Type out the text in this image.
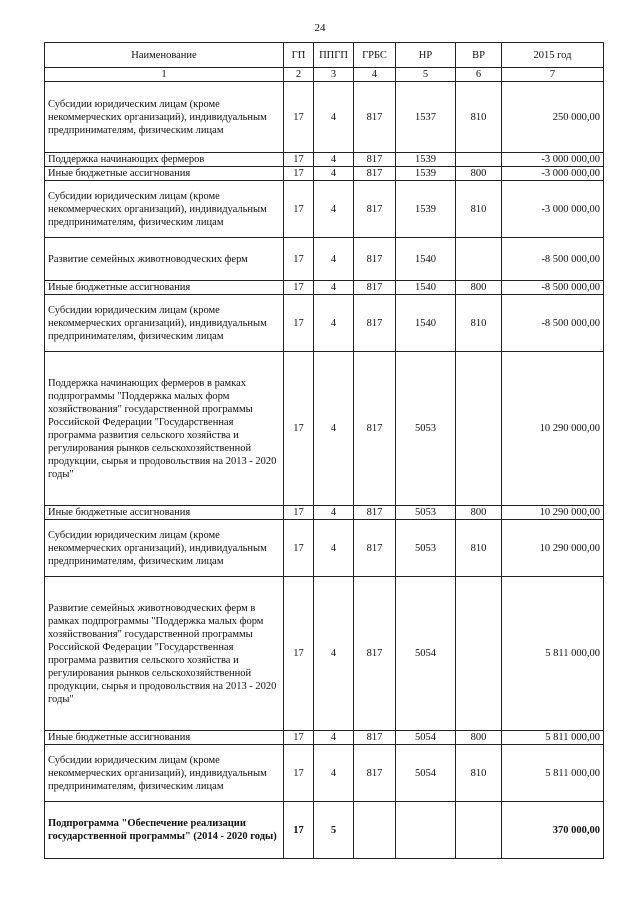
24
Наименование	ГП	ППГП	ГРБС	НР	ВР	2015 год
1	2	3	4	5	6	7
Субсидии юридическим лицам (кроме некоммерческих организаций), индивидуальным предпринимателям, физическим лицам	17	4	817	1537	810	250 000,00
Поддержка начинающих фермеров	17	4	817	1539		-3 000 000,00
Иные бюджетные ассигнования	17	4	817	1539	800	-3 000 000,00
Субсидии юридическим лицам (кроме некоммерческих организаций), индивидуальным предпринимателям, физическим лицам	17	4	817	1539	810	-3 000 000,00
Развитие семейных животноводческих ферм	17	4	817	1540		-8 500 000,00
Иные бюджетные ассигнования	17	4	817	1540	800	-8 500 000,00
Субсидии юридическим лицам (кроме некоммерческих организаций), индивидуальным предпринимателям, физическим лицам	17	4	817	1540	810	-8 500 000,00
Поддержка начинающих фермеров в рамках подпрограммы "Поддержка малых форм хозяйствования" государственной программы Российской Федерации "Государственная программа развития сельского хозяйства и регулирования рынков сельскохозяйственной продукции, сырья и продовольствия на 2013 - 2020 годы"	17	4	817	5053		10 290 000,00
Иные бюджетные ассигнования	17	4	817	5053	800	10 290 000,00
Субсидии юридическим лицам (кроме некоммерческих организаций), индивидуальным предпринимателям, физическим лицам	17	4	817	5053	810	10 290 000,00
Развитие семейных животноводческих ферм в рамках подпрограммы "Поддержка малых форм хозяйствования" государственной программы Российской Федерации "Государственная программа развития сельского хозяйства и регулирования рынков сельскохозяйственной продукции, сырья и продовольствия на 2013 - 2020 годы"	17	4	817	5054		5 811 000,00
Иные бюджетные ассигнования	17	4	817	5054	800	5 811 000,00
Субсидии юридическим лицам (кроме некоммерческих организаций), индивидуальным предпринимателям, физическим лицам	17	4	817	5054	810	5 811 000,00
Подпрограмма "Обеспечение реализации государственной программы" (2014 - 2020 годы)	17	5				370 000,00
